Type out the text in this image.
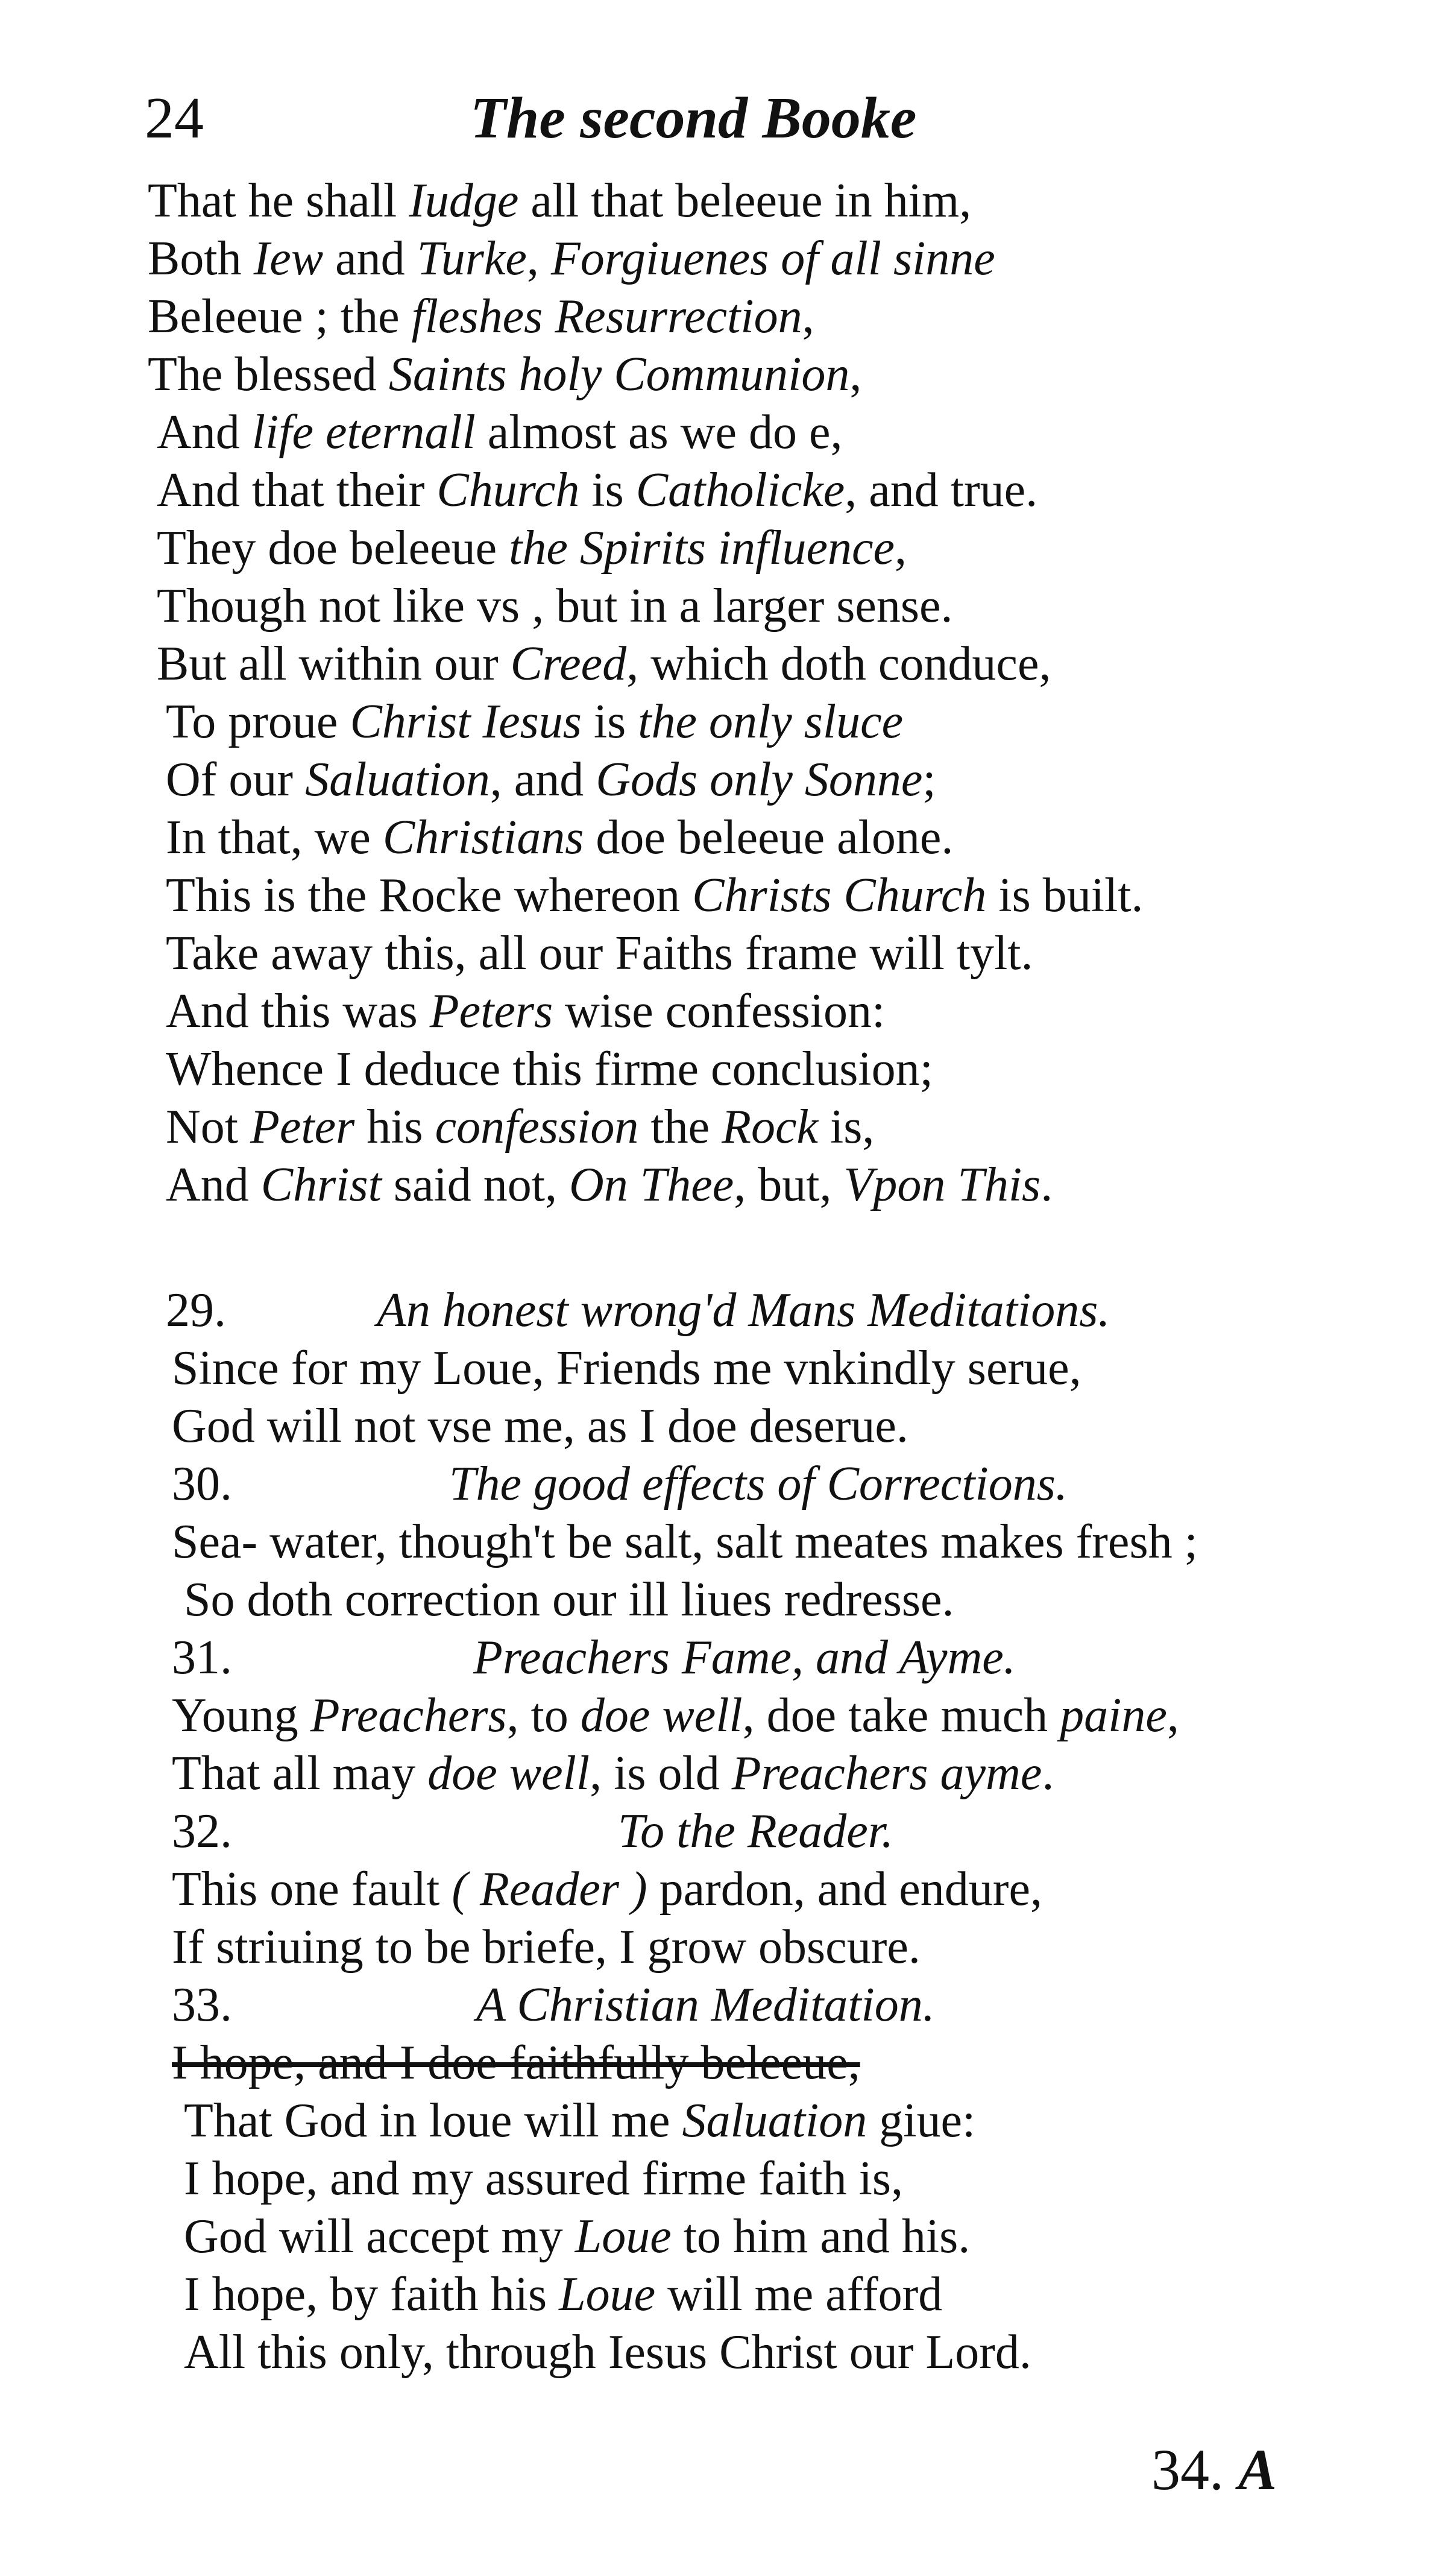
24	The second Booke
That he shall Iudge all that beleeue in him,
Both Iew and Turke, Forgiuenes of all sinne
Beleeue ; the fleshes Resurrection,
The blessed Saints holy Communion,
And life eternall almost as we do e,
And that their Church is Catholicke, and true.
They doe beleeue the Spirits influence,
Though not like vs , but in a larger sense.
But all within our Creed, which doth conduce,
To proue Christ Iesus is the only sluce
Of our Saluation, and Gods only Sonne;
In that, we Christians doe beleeue alone.
This is the Rocke whereon Christs Church is built.
Take away this, all our Faiths frame will tylt.
And this was Peters wise confession:
Whence I deduce this firme conclusion;
Not Peter his confession the Rock is,
And Christ said not, On Thee, but, Vpon This.
29.	An honest wrong'd Mans Meditations.
Since for my Loue, Friends me vnkindly serue,
God will not vse me, as I doe deserue.
30.	The good effects of Corrections.
Sea- water, though't be salt, salt meates makes fresh ;
So doth correction our ill liues redresse.
31.	Preachers Fame, and Ayme.
Young Preachers, to doe well, doe take much paine,
That all may doe well, is old Preachers ayme.
32.	To the Reader.
This one fault ( Reader ) pardon, and endure,
If striuing to be briefe, I grow obscure.
33.	A Christian Meditation.
I hope, and I doe faithfully beleeue,
That God in loue will me Saluation giue:
I hope, and my assured firme faith is,
God will accept my Loue to him and his.
I hope, by faith his Loue will me afford
All this only, through Iesus Christ our Lord.
34. A
